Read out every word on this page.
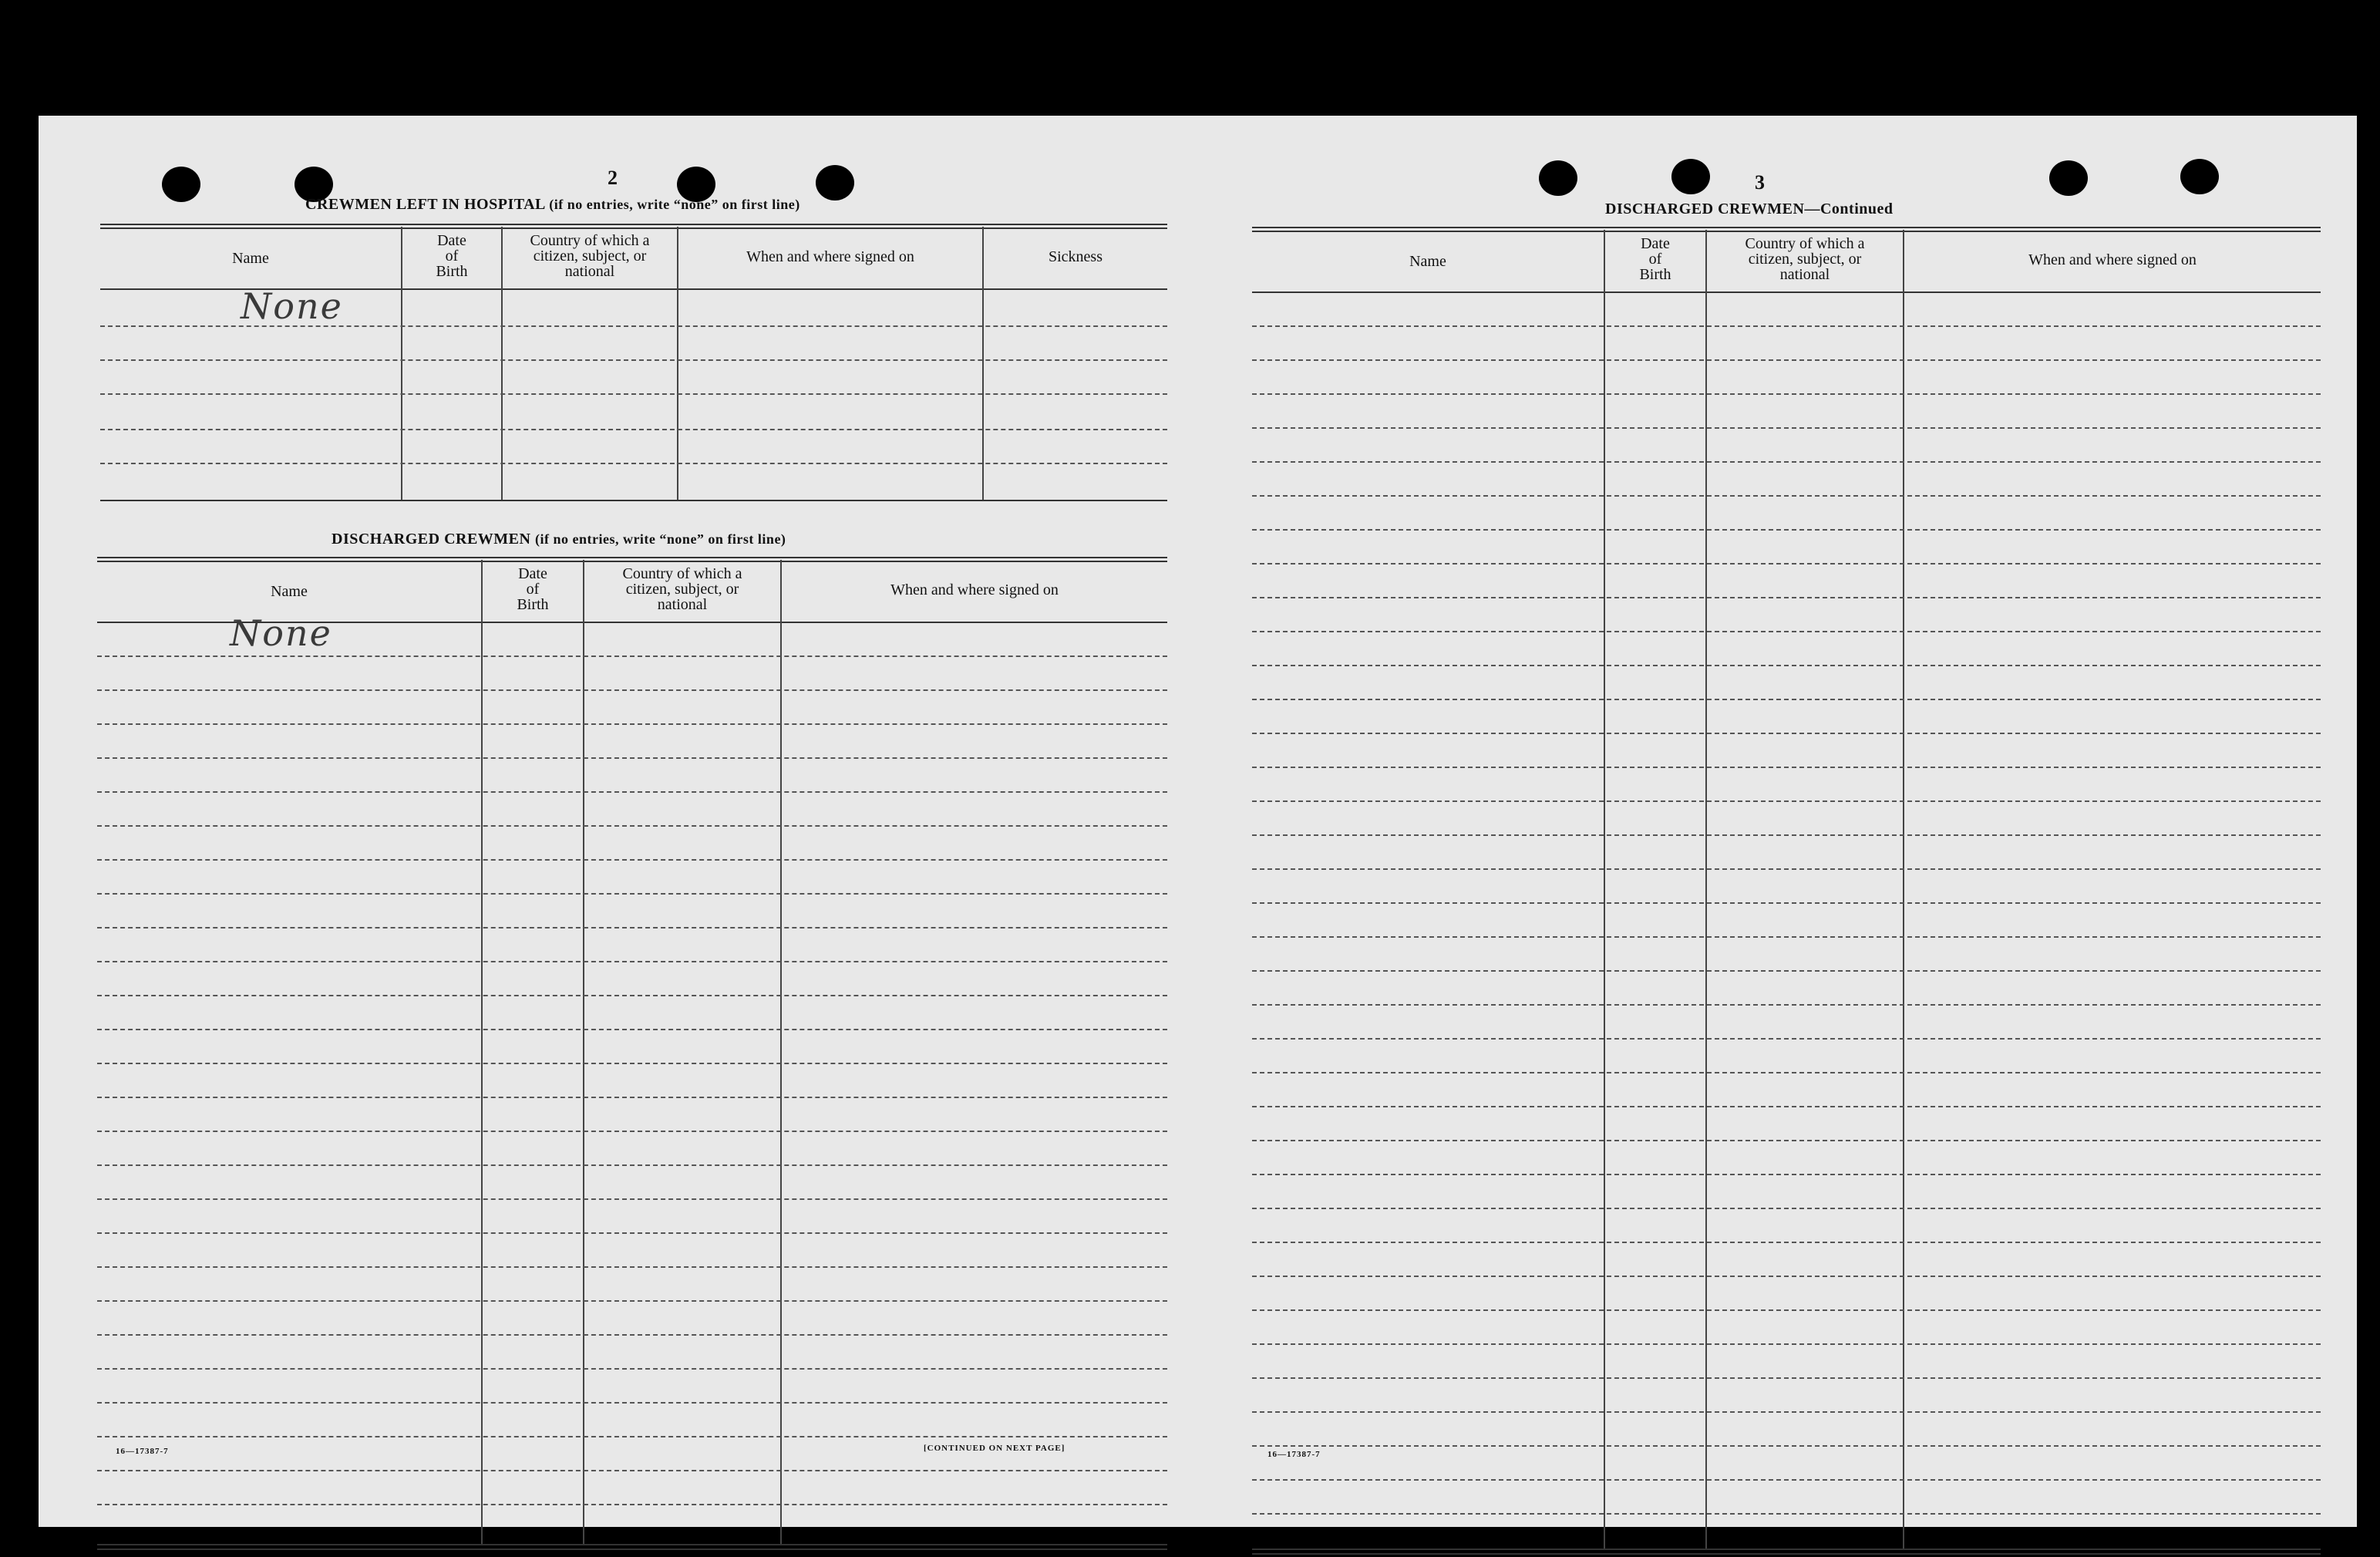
2
CREWMEN LEFT IN HOSPITAL (if no entries, write “none” on first line)
Name
Date
of
Birth
Country of which a
citizen, subject, or
national
When and where signed on	Sickness
None
DISCHARGED CREWMEN (if no entries, write “none” on first line)
Name
Date
of
Birth
Country of which a
citizen, subject, or
national
When and where signed on
None
16—17387-7	[CONTINUED ON NEXT PAGE]
3
DISCHARGED CREWMEN—Continued
Name
Date
of
Birth
Country of which a
citizen, subject, or
national
When and where signed on
16—17387-7
